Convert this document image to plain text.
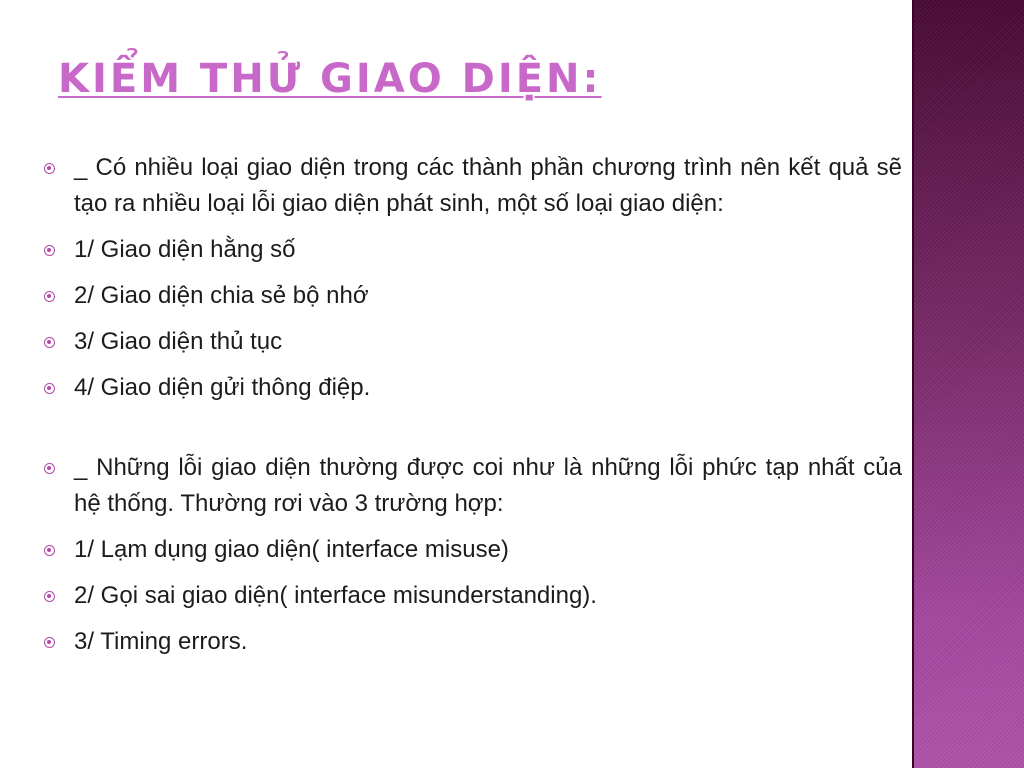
KIỂM THỬ GIAO DIỆN:
_ Có nhiều loại giao diện trong các thành phần chương trình nên kết quả sẽ tạo ra nhiều loại lỗi giao diện phát sinh, một số loại giao diện:
1/ Giao diện hằng số
2/ Giao diện chia sẻ bộ nhớ
3/ Giao diện thủ tục
4/ Giao diện gửi thông điệp.
_ Những lỗi giao diện thường được coi như là những lỗi phức tạp nhất của hệ thống. Thường rơi vào 3 trường hợp:
1/ Lạm dụng giao diện( interface misuse)
2/ Gọi sai giao diện( interface misunderstanding).
3/ Timing errors.
